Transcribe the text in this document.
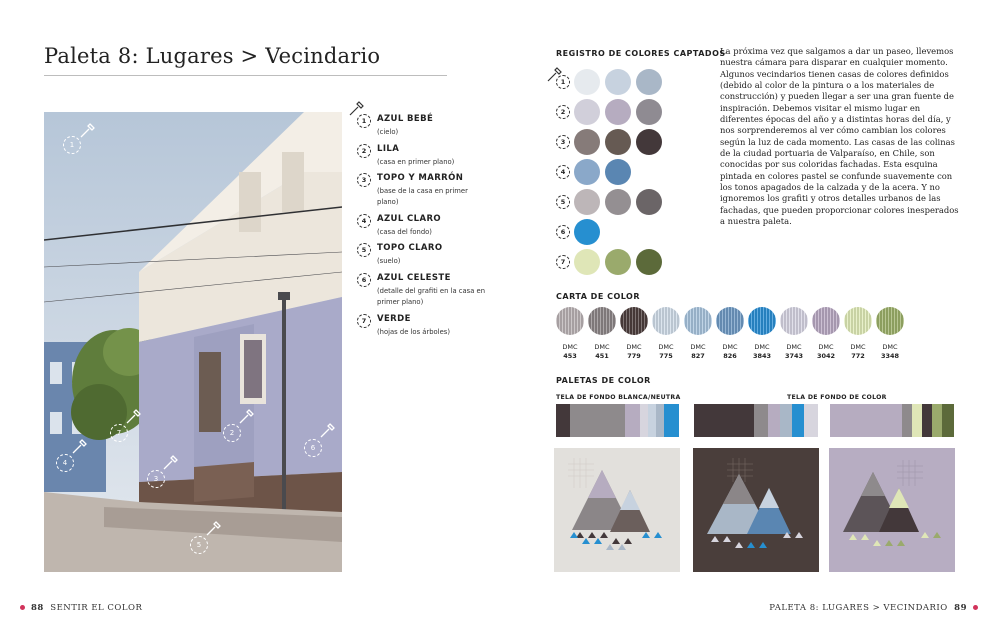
Paleta 8: Lugares > Vecindario
1
2
3
4
5
6
7
1	AZUL BEBÉ
(cielo)
2	LILA
(casa en primer plano)
3	TOPO Y MARRÓN
(base de la casa en primer plano)
4	AZUL CLARO
(casa del fondo)
5	TOPO CLARO
(suelo)
6	AZUL CELESTE
(detalle del grafiti en la casa en primer plano)
7	VERDE
(hojas de los árboles)
88 SENTIR EL COLOR
REGISTRO DE COLORES CAPTADOS
1
2
3
4
5
6
7
La próxima vez que salgamos a dar un paseo, llevemos nuestra cámara para disparar en cualquier momento. Algunos vecindarios tienen casas de colores definidos (debido al color de la pintura o a los materiales de construcción) y pueden llegar a ser una gran fuente de inspiración. Debemos visitar el mismo lugar en diferentes épocas del año y a distintas horas del día, y nos sorprenderemos al ver cómo cambian los colores según la luz de cada momento. Las casas de las colinas de la ciudad portuaria de Valparaíso, en Chile, son conocidas por sus coloridas fachadas. Esta esquina pintada en colores pastel se confunde suavemente con los tonos apagados de la calzada y de la acera. Y no ignoremos los grafiti y otros detalles urbanos de las fachadas, que pueden proporcionar colores inesperados a nuestra paleta.
CARTA DE COLOR
DMC
453
DMC
451
DMC
779
DMC
775
DMC
827
DMC
826
DMC
3843
DMC
3743
DMC
3042
DMC
772
DMC
3348
PALETAS DE COLOR
TELA DE FONDO BLANCA/NEUTRA	TELA DE FONDO DE COLOR
PALETA 8: LUGARES > VECINDARIO 89
